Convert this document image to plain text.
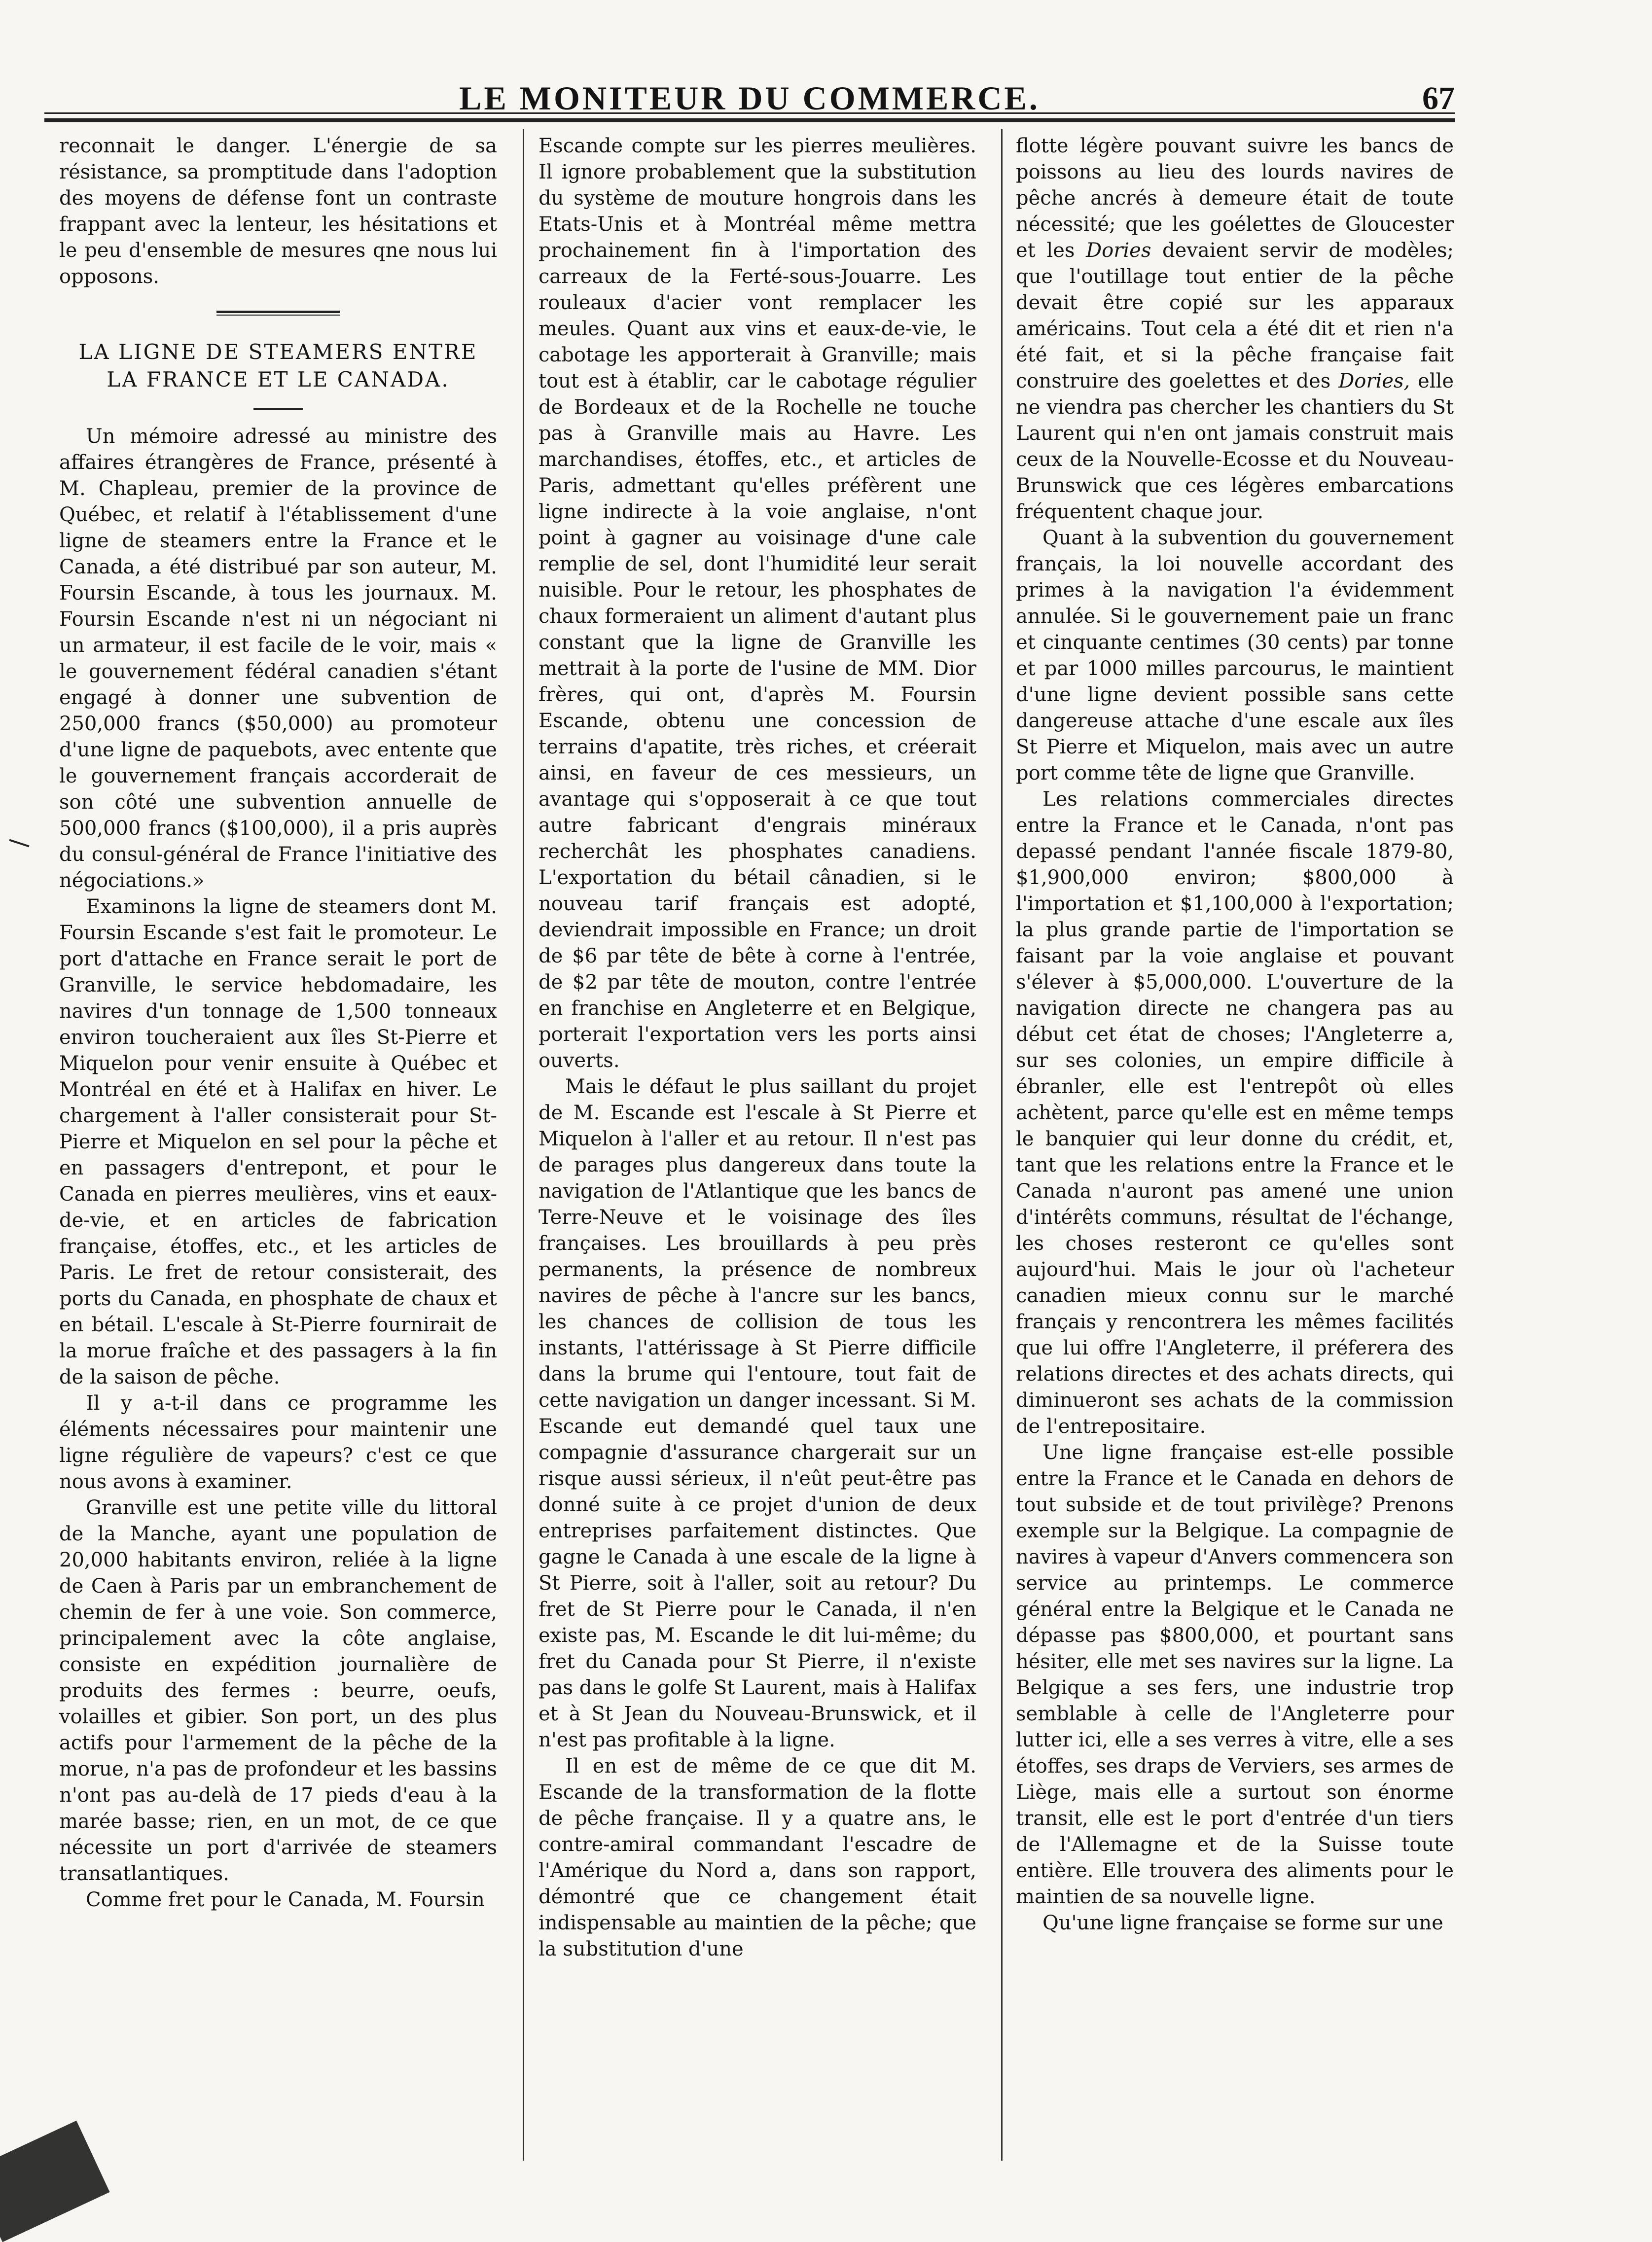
LE MONITEUR DU COMMERCE.	67

reconnait le danger. L'énergie de sa résistance, sa promptitude dans l'adoption des moyens de défense font un contraste frappant avec la lenteur, les hésitations et le peu d'ensemble de mesures qne nous lui opposons.

LA LIGNE DE STEAMERS ENTRE LA FRANCE ET LE CANADA.

Un mémoire adressé au ministre des affaires étrangères de France, présenté à M. Chapleau, premier de la province de Québec, et relatif à l'établissement d'une ligne de steamers entre la France et le Canada, a été distribué par son auteur, M. Foursin Escande, à tous les journaux. M. Foursin Escande n'est ni un négociant ni un armateur, il est facile de le voir, mais « le gouvernement fédéral canadien s'étant engagé à donner une subvention de 250,000 francs ($50,000) au promoteur d'une ligne de paquebots, avec entente que le gouvernement français accorderait de son côté une subvention annuelle de 500,000 francs ($100,000), il a pris auprès du consul-général de France l'initiative des négociations.»

Examinons la ligne de steamers dont M. Foursin Escande s'est fait le promoteur. Le port d'attache en France serait le port de Granville, le service hebdomadaire, les navires d'un tonnage de 1,500 tonneaux environ toucheraient aux îles St-Pierre et Miquelon pour venir ensuite à Québec et Montréal en été et à Halifax en hiver. Le chargement à l'aller consisterait pour St-Pierre et Miquelon en sel pour la pêche et en passagers d'entrepont, et pour le Canada en pierres meulières, vins et eaux-de-vie, et en articles de fabrication française, étoffes, etc., et les articles de Paris. Le fret de retour consisterait, des ports du Canada, en phosphate de chaux et en bétail. L'escale à St-Pierre fournirait de la morue fraîche et des passagers à la fin de la saison de pêche.

Il y a-t-il dans ce programme les éléments nécessaires pour maintenir une ligne régulière de vapeurs? c'est ce que nous avons à examiner.

Granville est une petite ville du littoral de la Manche, ayant une population de 20,000 habitants environ, reliée à la ligne de Caen à Paris par un embranchement de chemin de fer à une voie. Son commerce, principalement avec la côte anglaise, consiste en expédition journalière de produits des fermes : beurre, oeufs, volailles et gibier. Son port, un des plus actifs pour l'armement de la pêche de la morue, n'a pas de profondeur et les bassins n'ont pas au-delà de 17 pieds d'eau à la marée basse; rien, en un mot, de ce que nécessite un port d'arrivée de steamers transatlantiques.

Comme fret pour le Canada, M. Foursin

Escande compte sur les pierres meulières. Il ignore probablement que la substitution du système de mouture hongrois dans les Etats-Unis et à Montréal même mettra prochainement fin à l'importation des carreaux de la Ferté-sous-Jouarre. Les rouleaux d'acier vont remplacer les meules. Quant aux vins et eaux-de-vie, le cabotage les apporterait à Granville; mais tout est à établir, car le cabotage régulier de Bordeaux et de la Rochelle ne touche pas à Granville mais au Havre. Les marchandises, étoffes, etc., et articles de Paris, admettant qu'elles préfèrent une ligne indirecte à la voie anglaise, n'ont point à gagner au voisinage d'une cale remplie de sel, dont l'humidité leur serait nuisible. Pour le retour, les phosphates de chaux formeraient un aliment d'autant plus constant que la ligne de Granville les mettrait à la porte de l'usine de MM. Dior frères, qui ont, d'après M. Foursin Escande, obtenu une concession de terrains d'apatite, très riches, et créerait ainsi, en faveur de ces messieurs, un avantage qui s'opposerait à ce que tout autre fabricant d'engrais minéraux recherchât les phosphates canadiens. L'exportation du bétail cânadien, si le nouveau tarif français est adopté, deviendrait impossible en France; un droit de $6 par tête de bête à corne à l'entrée, de $2 par tête de mouton, contre l'entrée en franchise en Angleterre et en Belgique, porterait l'exportation vers les ports ainsi ouverts.

Mais le défaut le plus saillant du projet de M. Escande est l'escale à St Pierre et Miquelon à l'aller et au retour. Il n'est pas de parages plus dangereux dans toute la navigation de l'Atlantique que les bancs de Terre-Neuve et le voisinage des îles françaises. Les brouillards à peu près permanents, la présence de nombreux navires de pêche à l'ancre sur les bancs, les chances de collision de tous les instants, l'attérissage à St Pierre difficile dans la brume qui l'entoure, tout fait de cette navigation un danger incessant. Si M. Escande eut demandé quel taux une compagnie d'assurance chargerait sur un risque aussi sérieux, il n'eût peut-être pas donné suite à ce projet d'union de deux entreprises parfaitement distinctes. Que gagne le Canada à une escale de la ligne à St Pierre, soit à l'aller, soit au retour? Du fret de St Pierre pour le Canada, il n'en existe pas, M. Escande le dit lui-même; du fret du Canada pour St Pierre, il n'existe pas dans le golfe St Laurent, mais à Halifax et à St Jean du Nouveau-Brunswick, et il n'est pas profitable à la ligne.

Il en est de même de ce que dit M. Escande de la transformation de la flotte de pêche française. Il y a quatre ans, le contre-amiral commandant l'escadre de l'Amérique du Nord a, dans son rapport, démontré que ce changement était indispensable au maintien de la pêche; que la substitution d'une

flotte légère pouvant suivre les bancs de poissons au lieu des lourds navires de pêche ancrés à demeure était de toute nécessité; que les goélettes de Gloucester et les Dories devaient servir de modèles; que l'outillage tout entier de la pêche devait être copié sur les apparaux américains. Tout cela a été dit et rien n'a été fait, et si la pêche française fait construire des goelettes et des Dories, elle ne viendra pas chercher les chantiers du St Laurent qui n'en ont jamais construit mais ceux de la Nouvelle-Ecosse et du Nouveau-Brunswick que ces légères embarcations fréquentent chaque jour.

Quant à la subvention du gouvernement français, la loi nouvelle accordant des primes à la navigation l'a évidemment annulée. Si le gouvernement paie un franc et cinquante centimes (30 cents) par tonne et par 1000 milles parcourus, le maintient d'une ligne devient possible sans cette dangereuse attache d'une escale aux îles St Pierre et Miquelon, mais avec un autre port comme tête de ligne que Granville.

Les relations commerciales directes entre la France et le Canada, n'ont pas depassé pendant l'année fiscale 1879-80, $1,900,000 environ; $800,000 à l'importation et $1,100,000 à l'exportation; la plus grande partie de l'importation se faisant par la voie anglaise et pouvant s'élever à $5,000,000. L'ouverture de la navigation directe ne changera pas au début cet état de choses; l'Angleterre a, sur ses colonies, un empire difficile à ébranler, elle est l'entrepôt où elles achètent, parce qu'elle est en même temps le banquier qui leur donne du crédit, et, tant que les relations entre la France et le Canada n'auront pas amené une union d'intérêts communs, résultat de l'échange, les choses resteront ce qu'elles sont aujourd'hui. Mais le jour où l'acheteur canadien mieux connu sur le marché français y rencontrera les mêmes facilités que lui offre l'Angleterre, il préferera des relations directes et des achats directs, qui diminueront ses achats de la commission de l'entrepositaire.

Une ligne française est-elle possible entre la France et le Canada en dehors de tout subside et de tout privilège? Prenons exemple sur la Belgique. La compagnie de navires à vapeur d'Anvers commencera son service au printemps. Le commerce général entre la Belgique et le Canada ne dépasse pas $800,000, et pourtant sans hésiter, elle met ses navires sur la ligne. La Belgique a ses fers, une industrie trop semblable à celle de l'Angleterre pour lutter ici, elle a ses verres à vitre, elle a ses étoffes, ses draps de Verviers, ses armes de Liège, mais elle a surtout son énorme transit, elle est le port d'entrée d'un tiers de l'Allemagne et de la Suisse toute entière. Elle trouvera des aliments pour le maintien de sa nouvelle ligne.

Qu'une ligne française se forme sur une
